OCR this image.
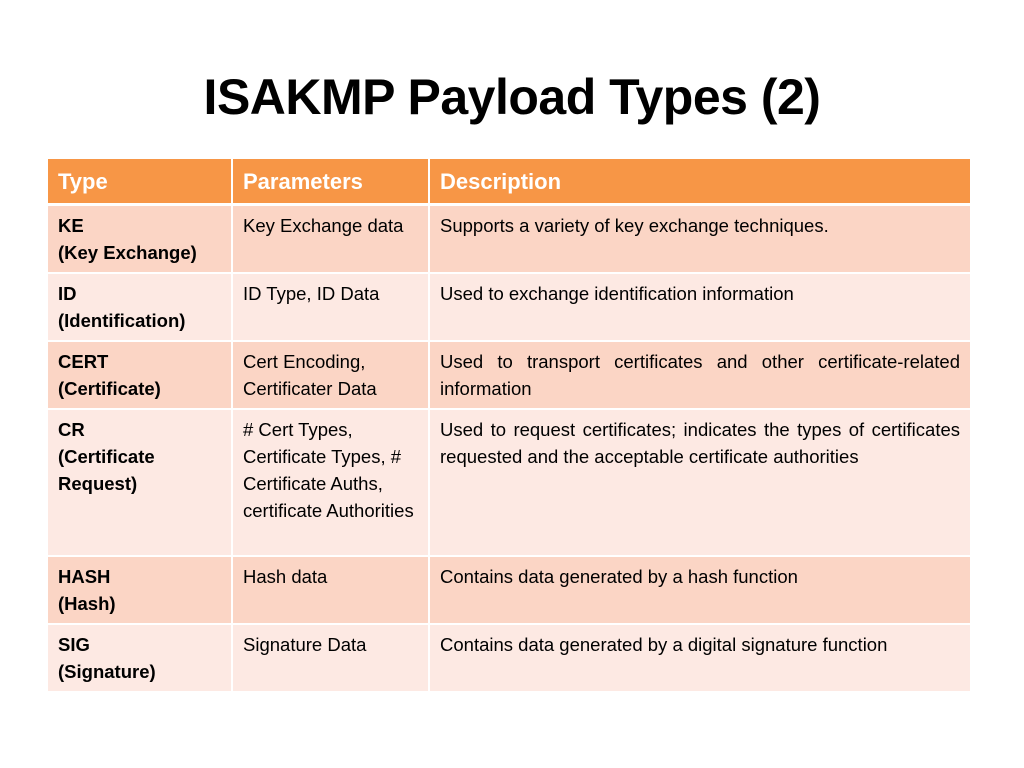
ISAKMP Payload Types (2)
Type	Parameters	Description

KE
(Key Exchange)	Key Exchange data	Supports a variety of key exchange techniques.

ID
(Identification)	ID Type, ID Data	Used to exchange identification information

CERT
(Certificate)	Cert Encoding, Certificater Data	Used to transport certificates and other certificate-related information

CR
(Certificate
Request)	# Cert Types, Certificate Types, # Certificate Auths, certificate Authorities	Used to request certificates; indicates the types of certificates requested and the acceptable certificate authorities

HASH
(Hash)	Hash data	Contains data generated by a hash function

SIG
(Signature)	Signature Data	Contains data generated by a digital signature function
